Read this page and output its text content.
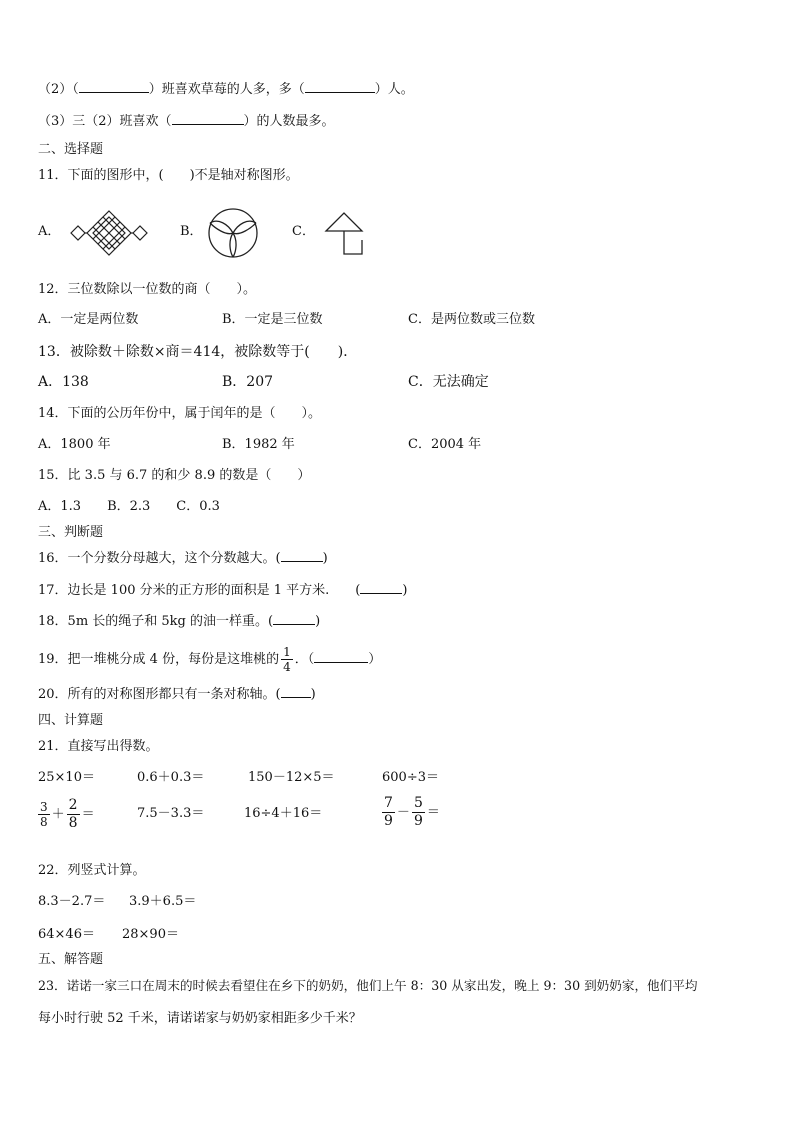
（2）（	）班喜欢草莓的人多，多（	）人。
（3）三（2）班喜欢（	）的人数最多。
二、选择题
11．下面的图形中，(　　)不是轴对称图形。
A．	B．	C．
12．三位数除以一位数的商（　　）。
A．一定是两位数	B．一定是三位数	C．是两位数或三位数
13．被除数＋除数×商＝414，被除数等于(　　)．
A．138	B．207	C．无法确定
14．下面的公历年份中，属于闰年的是（　　）。
A．1800 年	B．1982 年	C．2004 年
15．比 3.5 与 6.7 的和少 8.9 的数是（　　）
A．1.3　　B．2.3　　C．0.3
三、判断题
16．一个分数分母越大，这个分数越大。(	)
17．边长是 100 分米的正方形的面积是 1 平方米.　　(	)
18．5m 长的绳子和 5kg 的油一样重。(	)
19．把一堆桃分成 4 份，每份是这堆桃的 $\frac{1}{4}$ ．（	）
20．所有的对称图形都只有一条对称轴。( )
四、计算题
21．直接写出得数。
25×10＝	0.6＋0.3＝	150－12×5＝	600÷3＝
$\frac{3}{8} + \frac{2}{8}$ ＝	7.5－3.3＝	16÷4＋16＝	$\frac{7}{9} - \frac{5}{9}$ ＝
22．列竖式计算。
8.3－2.7＝ 3.9＋6.5＝
64×46＝ 28×90＝
五、解答题
23．诺诺一家三口在周末的时候去看望住在乡下的奶奶，他们上午 8：30 从家出发，晚上 9：30 到奶奶家，他们平均
每小时行驶 52 千米，请诺诺家与奶奶家相距多少千米？
